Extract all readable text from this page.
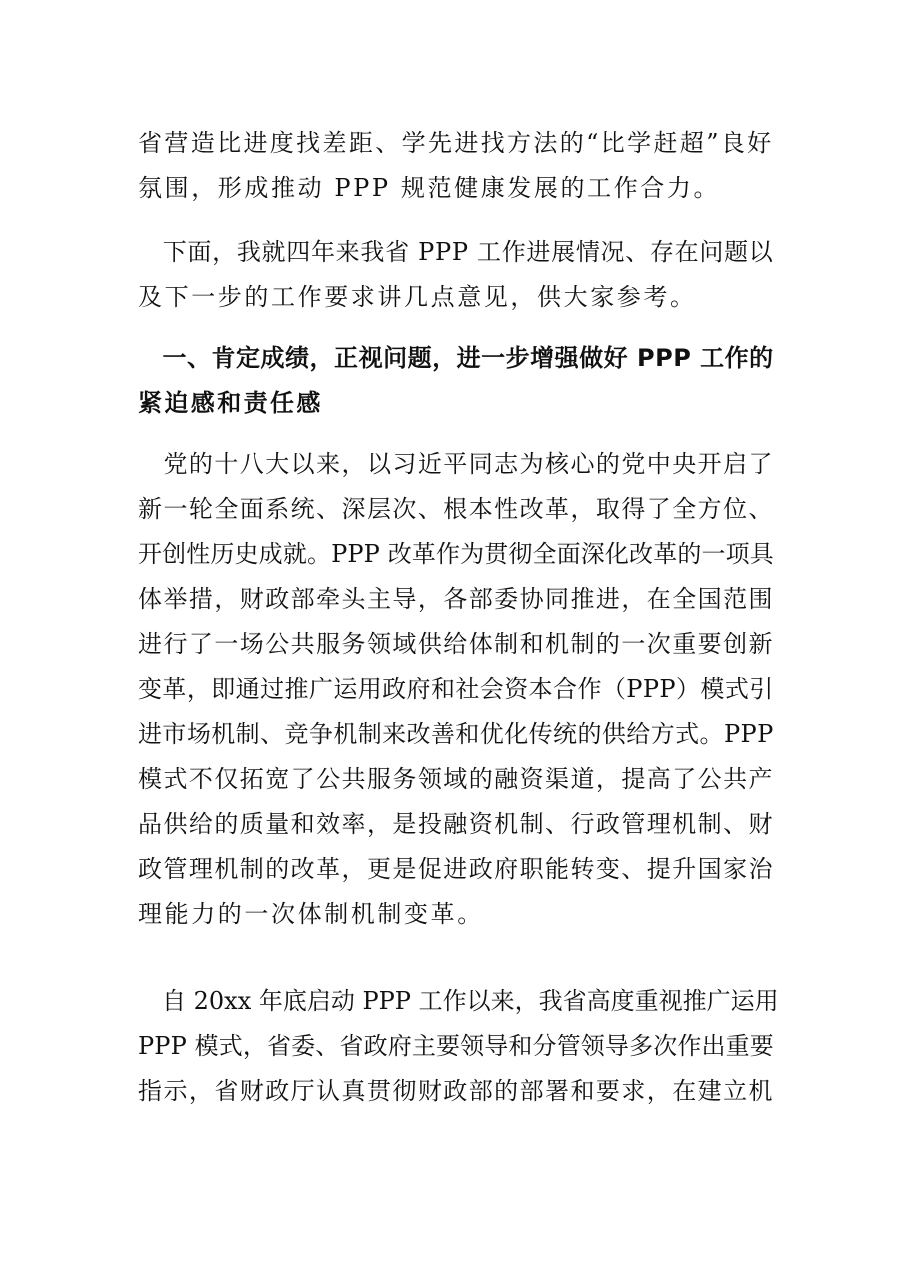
省营造比进度找差距、学先进找方法的“比学赶超”良好
氛围，形成推动 PPP 规范健康发展的工作合力。
　下面，我就四年来我省 PPP 工作进展情况、存在问题以
及下一步的工作要求讲几点意见，供大家参考。
　一、肯定成绩，正视问题，进一步增强做好 PPP 工作的
紧迫感和责任感
　党的十八大以来，以习近平同志为核心的党中央开启了
新一轮全面系统、深层次、根本性改革，取得了全方位、
开创性历史成就。PPP 改革作为贯彻全面深化改革的一项具
体举措，财政部牵头主导，各部委协同推进，在全国范围
进行了一场公共服务领域供给体制和机制的一次重要创新
变革，即通过推广运用政府和社会资本合作（PPP）模式引
进市场机制、竞争机制来改善和优化传统的供给方式。PPP
模式不仅拓宽了公共服务领域的融资渠道，提高了公共产
品供给的质量和效率，是投融资机制、行政管理机制、财
政管理机制的改革，更是促进政府职能转变、提升国家治
理能力的一次体制机制变革。
　自 20xx 年底启动 PPP 工作以来，我省高度重视推广运用
PPP 模式，省委、省政府主要领导和分管领导多次作出重要
指示，省财政厅认真贯彻财政部的部署和要求，在建立机
